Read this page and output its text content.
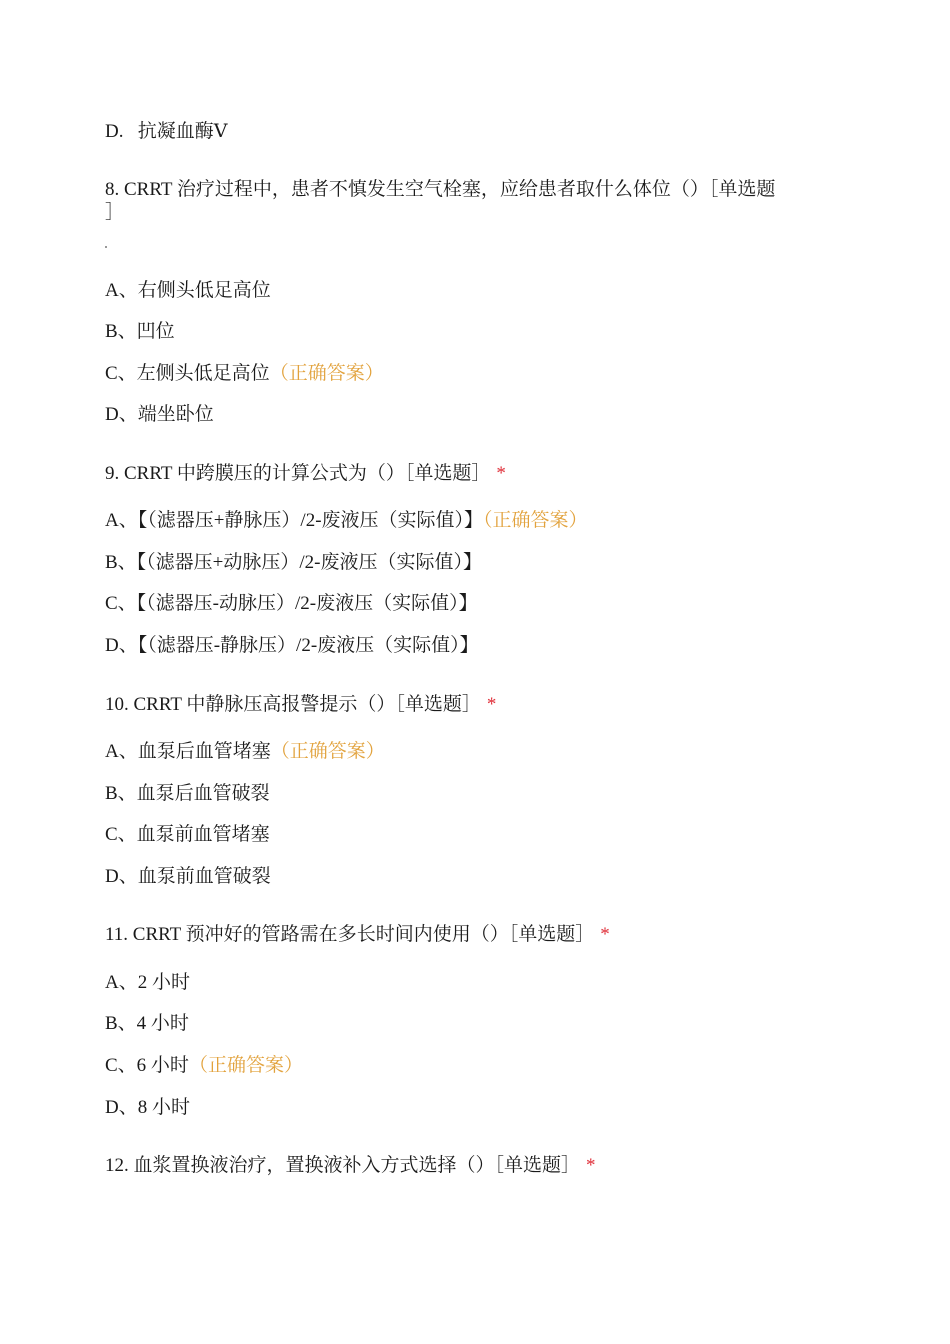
D. 抗凝血酶Ⅴ
8. CRRT 治疗过程中，患者不慎发生空气栓塞，应给患者取什么体位（）［单选题
］
A、右侧头低足高位
B、凹位
C、左侧头低足高位（正确答案）
D、端坐卧位
9. CRRT 中跨膜压的计算公式为（）［单选题］ *
A、【（滤器压+静脉压）/2-废液压（实际值）】（正确答案）
B、【（滤器压+动脉压）/2-废液压（实际值）】
C、【（滤器压-动脉压）/2-废液压（实际值）】
D、【（滤器压-静脉压）/2-废液压（实际值）】
10. CRRT 中静脉压高报警提示（）［单选题］ *
A、血泵后血管堵塞（正确答案）
B、血泵后血管破裂
C、血泵前血管堵塞
D、血泵前血管破裂
11. CRRT 预冲好的管路需在多长时间内使用（）［单选题］ *
A、2 小时
B、4 小时
C、6 小时（正确答案）
D、8 小时
12. 血浆置换液治疗，置换液补入方式选择（）［单选题］ *
